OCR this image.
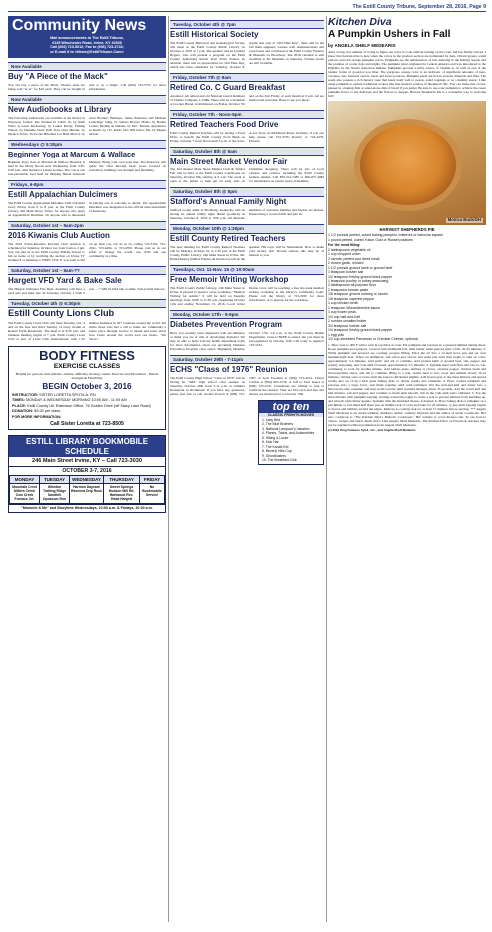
The Estill County Tribune, September 28, 2016, Page 9
Community News
Mail announcements to The Estill Tribune,
6135 Winchester Road, Irvine, KY 40336
Call (606) 723-5012; Fax to (606) 723-2743;
or E-mail it to <News@EstillTribune.Com>
Now Available
Buy "A Piece of the Mack"
You can buy a piece of the Mack. Theater seats are being sold "as is" for $10 each. They can be bought in sets or as a single. Call (606) 723-5755 for more information.
Now Available
New Audiobooks at Library
The following audiobooks are available at the library in Playaway format: The Woman in Cabin 10, by Ruth Ware; A Great Reckoning, by Louise Penny; Fishing Waters, by Danielle Steel; Knit Your Own Murder, by Monica Ferris; Twice the Brindled Cat Hath Mew'd, by Alan Bradley; Bullseye, James Patterson and Michael Ledwidge; Sting, by Sandra Brown; Home, by Harlan Coben; Peeling up Daisies, by M.C. Beaton; Apprentice in Death, by J.D. Robb; Girl Will Know Me, by Megan Abbott.
Wednesdays @ 5:30pm
Beginner Yoga at Marcum & Wallace
Beginner Yoga class at Marcum & Wallace Hospital is held in the Merry Room each Wednesday from 5:30-6:30 p.m. with instructor Lanzie Gomez. The cost is one non-perishable food item for Helping Hands Outreach Ministry. Bring your own yoga mat. The instructor will guide the class through basic poses focused on relaxation, building core strength and flexibility.
Fridays, 6-8pm
Estill Appalachian Dulcimers
The Estill County Appalachian Dulcimer Club will meet every Friday from 6 to 8 p.m. at the Estill County Library, 246 Main Street, Irvine, for anyone who plays an Appalachian Dulcimer. Or anyone who is interested in playing one is welcome to attend. The Appalachian Dulcimer was designated as the official state instrument of Kentucky.
Saturday, October 1st – 9am-2pm
2016 Kiwanis Club Auction
The 2016 Irvine-Ravenna Kiwanis Club Auction is scheduled for Saturday, October 1st, from 9 am to 2 pm. You can join us at the Estill County Middle School to bid on items or by watching the auction on Irvine TV channel 8 or listening to WIRV 1550. If you want to bid on an item you can do so by calling 723-5181, 723-2041, 723-4404, or 723-4706. Please join us in our effort to change the world, one child and one community at a time.
Saturday, October 1st – 9am-??
Hargett VFD Yard & Bake Sale
The Hargett Volunteer Fire Dept. Auxiliary will have a yard sale and bake sale on Saturday, October 1 from 9 a.m. – ?. Will be held rain or shine. Sale is held indoors.
Tuesday, October 4th @ 6:30pm
Estill County Lions Club
The Estill County Lions Club will meet Tuesday, Oct. 4 and on the first and third Tuesday of every month at Raders' Farm Restaurant. The meal is at 6:30 p.m. and business meeting begins at 7 p.m. Estill County Lions Club is part of Lions Club International, with 1.35 million members in 207 countries around the world. We invite those who feel a call to make our community a better place through service to attend and learn about how Lions around the world earn our motto, "We Serve."
BODY FITNESS
EXERCISE CLASSES
Helpful for persons with arthritis, asthma, difficulty moving. Gentle Exercise and Movement – Builds Strength & Flexibility
BEGIN October 3, 2016
INSTRUCTOR: SISTER LORETTA SPOTILA, RN
TIMES: MONDAY & WEDNESDAY MORNING 10:00 AM - 11:00 AM
PLACE: Estill County UK Extension Office, 76 Golden Drive (off Stacy Lane Road)
DONATION: $3.00 per class.
FOR MORE INFORMATION:
Call Sister Loretta at 723-8505
ESTILL LIBRARY BOOKMOBILE SCHEDULE
246 Main Street Irvine, KY – Call 723-3030
OCTOBER 3-7, 2016
MONDAY	TUESDAY	WEDNESDAY	THURSDAY	FRIDAY
Mountain Crest Millers Creek Cow Creek Furnace Jct.	Winston Trotting Ridge Sandhill Opossum Run	Harmon Daycare Ravenna Drip Rock	Sweet Springs Hudson Mill Rd. Hartwood Rec. Head Hargett	No Bookmobile Service
"Mommie & Me" and Storytime Wednesdays, 10:00 a.m. & Fridays, 10:30 a.m.
Tuesday, October 4th @ 7pm
Estill Historical Society
The Estill County Historical and Genealogical Society will meet at the Estill County Public Library on October 4, 2016 at 7 p.m. The speaker will be Lindsey Rogers, who will present a program on the Estill County Armstrong Ranch Trail Town Station. In addition, there will be preparations for Old Time Day, which has been scheduled for Saturday, October 8. Again, this year at "Old Time Day", there will be the fall main engineer, various craft demonstrations and soup beans and cornbread at the Estill County Furnace & Museum on Broadway. The 2016 calendar is still available at the Museum on Saturday. Various books are still available.
Friday, October 7th @ 9am
Retired Co. C Guard Breakfast
Attention: All retired and old National Guard members of Charlie Company 1/149th. There will be a breakfast at Cracker Barrel, in Richmond, on Friday, October 7th and on the first Friday of each month at 9 a.m. All are invited and welcome. Hope to see you there!
Friday, October 7th - Noon-5pm
Retired Teachers Food Drive
Estill County Retired Teachers will be having a Food Drive to benefit the Estill County Food Bank on Friday, October 7 from Noon until 5 p.m. at the Save-A-Lot Store on Richmond Road. Teachers, if you can help please call 723-3736, Robert; or 723-4479, Floretta.
Saturday, October 8th @ 9am
Main Street Market Vendor Fair
The 2nd Annual Main Street Market Craft & Vendor Fair will be held at the Estill County Courthouse on Saturday, October 8th, starting at 9 a.m. The event is open to the public to help get an early start on Christmas shopping. There will be lots of local vendors and crafters, including the Estill County farmers market. Call 859-314-7483 or 606-975-3084 for information on vendor space availability.
Saturday, October 8th @ 5pm
Stafford's Annual Family Night
Stafford Lodge #462 at Fitchburg, Kentucky, will be having its annual family night dinner (potluck) on Saturday, October 8, 2016 at 5:00 p.m. All Masonic members of and their families and friends are invited. Please bring a covered dish and join us.
Monday, October 10th @ 1:30pm
Estill County Retired Teachers
The next meeting for Estill County Retired Teachers will be Monday, October 10, at 1:30 p.m. at the Estill County Public Library, 246 Main Street in Irvine. Mr. Hank Hensley (KRTA Finance & Investors) will be the speaker. His topic will be 'Retirement: How to make your money last.' Recent retirees this may be of interest to you.
Tuesdays, Oct. 11-Nov. 15 @ 10:00am
Free Memoir Writing Workshop
The Estill County Public Library, 246 Main Street in Irvine, is pleased to sponsor a free workshop, "Memoir Writing for Adults." It will be held on Tuesday mornings from 10:00 to 11:30 a.m., beginning October 11th and ending November 15, 2016. Local writer Donna Crow will be teaching a free six-week memoir writing workshop at the library's community room. Please call the library at 723-3030 for more information, or to sign up for the workshop.
Monday, October 17th - 5-6pm
Diabetes Prevention Program
Have you recently been diagnosed with pre-diabetes, or think you are at risk of developing diabetes? We may be able to help! Call the health department today for more information about our upcoming Diabetes Prevention Program class series. Beginning Monday, October 17th, 5-6 p.m. at the Estill County Health Department. Class is FREE to attend, but you must be pre-registered by October 10th. Call today to register! 723-5181.
Saturday, October 29th - 7-11pm
ECHS "Class of 1976" Reunion
The Estill County High School "Class of 1976" will be having its "40th" high school class reunion on Saturday, October 29th from 7-11 p.m. at Gillum's Restaurant in Richmond. If you have any questions, please feel free to call Glenna Powell at (606) 723-5567 or Gail Freeman at (606) 723-4014, Cheryl Carlton at (859) 893-2158, or Jeff or Terri Isaacs at (606) 723-2547. Classmates are willing to join to celebrate the reunion. They are $10 each and size and money are needed prior to October 15th.
top ten
CLASSIC FRIGHTS MOVIES
1. Lady Bird
2. The Blue Brothers
3. National Lampoon's Vacation
4. Planes, Trains, and Automobiles
5. Hiking & Locke
6. Kick Hat
7. The Karate Kid
8. Beverly Hills Cop
9. Ghostbusters
10. The Breakfast Club
Kitchen Diva
A Pumpkin Ushers in Fall
by ANGELA SHELF MEDEARIS
After a long, hot summer of trying to figure out ways to cook without turning on the oven, fall has finally arrived. I know that harvest-time is here when the colors in the produce section are dominated by dark, vibrant greens, warm yellows and rich orange pumpkin colors. Pumpkins are the ambassadors of fall, ushering in the holiday season and the promise of cooler days and nights. The pumpkin plant originated in Central America and was introduced to the Pilgrims by the Native American Indians. Pumpkins provide a hefty source of vitamin A, as well as one of the tastiest forms of good-for-you fiber. The gorgeous orange color is an indicator of significant amounts of beta-carotene, also found in carrots, beets and sweet potatoes. Pumpkin seeds are rich in protein, minerals and fiber. The seeds also possess a rich buttery taste that lends itself well to pestos, salad toppings or as a healthy snack. I like using pumpkin to update traditional recipes like this modern version of Shepherd's Pie. You can make this crowd-pleaser in a baking dish or stand-alone dish of bread if you prefer. Be sure to use a pie pumpkin to achieve the sweet pumpkin flavor to the delicious and the flavors to deepen. Harvest Shepherds Pie is a wonderful way to welcome fall!
Monica Buck/GH
HARVEST SHEPHERDS PIE
1 1/2 pounds peeled, cubed baking pumpkin, butternut or kabocha squash
1 pound peeled, cubed Yukon Gold or Russet potatoes
For the meat filling:
2 tablespoons vegetable oil
1 cup chopped onion
2 carrots, peeled and diced small
2 cloves garlic, minced
1 1/2 pounds ground lamb or ground beef
1 teaspoon kosher salt
1/2 teaspoon freshly ground black pepper
1 teaspoon poultry or turkey seasoning
2 tablespoons all-purpose flour
2 teaspoons tomato paste
1/8 teaspoon ground nutmeg or cloves
1/8 teaspoon cayenne pepper
1 cup chicken broth
1 teaspoon Worcestershire sauce
1 cup frozen peas
1/4 cup half-and-half
2 ounces unsalted butter
3/4 teaspoon kosher salt
1/4 teaspoon freshly ground black pepper
1 egg yolk
1/2 cup shredded Parmesan or Cheddar Cheese, optional
1. Heat oven to 400 F with a rack in top third of oven. Put pumpkin and potatoes in a greased rimmed baking sheet. Roast pumpkin and potatoes, covered with aluminum foil, until tender when pierced with a fork, 20-25 minutes. 2. While pumpkin and potatoes are cooking, prepare filling. Place the oil into a 12-inch stove pan and set over medium-high heat. When oil shimmers, add onion and carrots and saute just until they begin to take on color, approximately 3-4 minutes. Add garlic and stir to combine. Add ground lamb or ground beef, salt, pepper and poultry seasoning, and cook until browned, approximately 3-5 minutes. 3. Sprinkle meat with flour and toss to coat, continuing to cook for another minute. Add tomato paste, nutmeg or cloves, cayenne pepper, chicken broth and Worcestershire sauce, and stir to combine. Bring to a boil, reduce heat to low, cover and simmer slowly 10-12 minutes, stirring once or twice until the sauce is thickened slightly. Add frozen peas to the meat mixture and spread evenly into an 11-by-7-inch glass baking dish, or divide evenly into ramekins. 4. Place cooked pumpkin and potatoes into a large bowl, and mash together until well-combined. Put the half-and-half and butter into a microwave-safe container and heat in microwave until warmed through, about 35 seconds. Add the warm half and half mixture, salt and pepper, and continue to mash until smooth. Stir in the yolk until well combined. 5. Top the meat mixture with pumpkin topping, starting around the edges to create a seal to prevent mixture from bubbling up, and smooth with rubber spatula. Sprinkle with the shredded cheese, if desired. 6. Place baking dish or ramekins on a parchment or foil-lined half sheet pan on middle rack of oven and bake for 25 minutes, or just until topping begins to brown and bubbles around the edges. Remove to cooling rack for at least 15 minutes before serving. *** Angela Shelf Medearis is an award-winning children's author, culinary historian and the author of seven cookbooks. Her new cookbook is "The Kitchen Diva's Diabetic Cookbook." Her website is www.divapro.com. To see how-to videos, recipes and much, much more, Like Angela Shelf Medearis, The Kitchen Diva! on Facebook. Recipes may not be reprinted without permission from Angela Shelf Medearis.
(c) 2016 King Features Synd., Inc., and Angela Shelf Medearis
